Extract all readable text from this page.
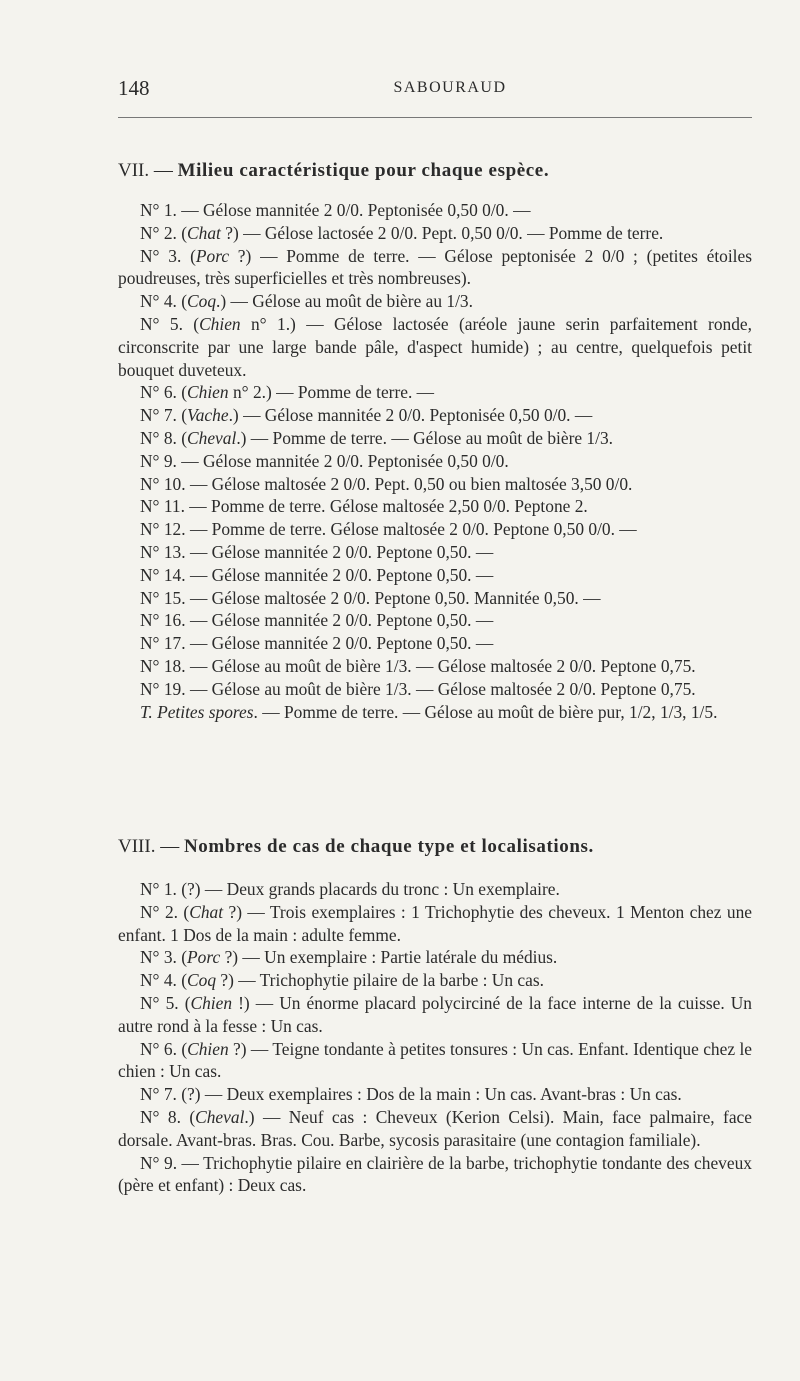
148	SABOURAUD
VII. — Milieu caractéristique pour chaque espèce.

N° 1. — Gélose mannitée 2 0/0. Peptonisée 0,50 0/0. —

N° 2. (Chat ?) — Gélose lactosée 2 0/0. Pept. 0,50 0/0. — Pomme de terre.

N° 3. (Porc ?) — Pomme de terre. — Gélose peptonisée 2 0/0 ; (petites étoiles poudreuses, très superficielles et très nombreuses).

N° 4. (Coq.) — Gélose au moût de bière au 1/3.

N° 5. (Chien n° 1.) — Gélose lactosée (aréole jaune serin parfaitement ronde, circonscrite par une large bande pâle, d'aspect humide) ; au centre, quelquefois petit bouquet duveteux.

N° 6. (Chien n° 2.) — Pomme de terre. —

N° 7. (Vache.) — Gélose mannitée 2 0/0. Peptonisée 0,50 0/0. —

N° 8. (Cheval.) — Pomme de terre. — Gélose au moût de bière 1/3.

N° 9. — Gélose mannitée 2 0/0. Peptonisée 0,50 0/0.

N° 10. — Gélose maltosée 2 0/0. Pept. 0,50 ou bien maltosée 3,50 0/0.

N° 11. — Pomme de terre. Gélose maltosée 2,50 0/0. Peptone 2.

N° 12. — Pomme de terre. Gélose maltosée 2 0/0. Peptone 0,50 0/0. —

N° 13. — Gélose mannitée 2 0/0. Peptone 0,50. —

N° 14. — Gélose mannitée 2 0/0. Peptone 0,50. —

N° 15. — Gélose maltosée 2 0/0. Peptone 0,50. Mannitée 0,50. —

N° 16. — Gélose mannitée 2 0/0. Peptone 0,50. —

N° 17. — Gélose mannitée 2 0/0. Peptone 0,50. —

N° 18. — Gélose au moût de bière 1/3. — Gélose maltosée 2 0/0. Peptone 0,75.

N° 19. — Gélose au moût de bière 1/3. — Gélose maltosée 2 0/0. Peptone 0,75.

T. Petites spores. — Pomme de terre. — Gélose au moût de bière pur, 1/2, 1/3, 1/5.

VIII. — Nombres de cas de chaque type et localisations.

N° 1. (?) — Deux grands placards du tronc : Un exemplaire.

N° 2. (Chat ?) — Trois exemplaires : 1 Trichophytie des cheveux. 1 Menton chez une enfant. 1 Dos de la main : adulte femme.

N° 3. (Porc ?) — Un exemplaire : Partie latérale du médius.

N° 4. (Coq ?) — Trichophytie pilaire de la barbe : Un cas.

N° 5. (Chien !) — Un énorme placard polycirciné de la face interne de la cuisse. Un autre rond à la fesse : Un cas.

N° 6. (Chien ?) — Teigne tondante à petites tonsures : Un cas. Enfant. Identique chez le chien : Un cas.

N° 7. (?) — Deux exemplaires : Dos de la main : Un cas. Avant-bras : Un cas.

N° 8. (Cheval.) — Neuf cas : Cheveux (Kerion Celsi). Main, face palmaire, face dorsale. Avant-bras. Bras. Cou. Barbe, sycosis parasitaire (une contagion familiale).

N° 9. — Trichophytie pilaire en clairière de la barbe, trichophytie tondante des cheveux (père et enfant) : Deux cas.
